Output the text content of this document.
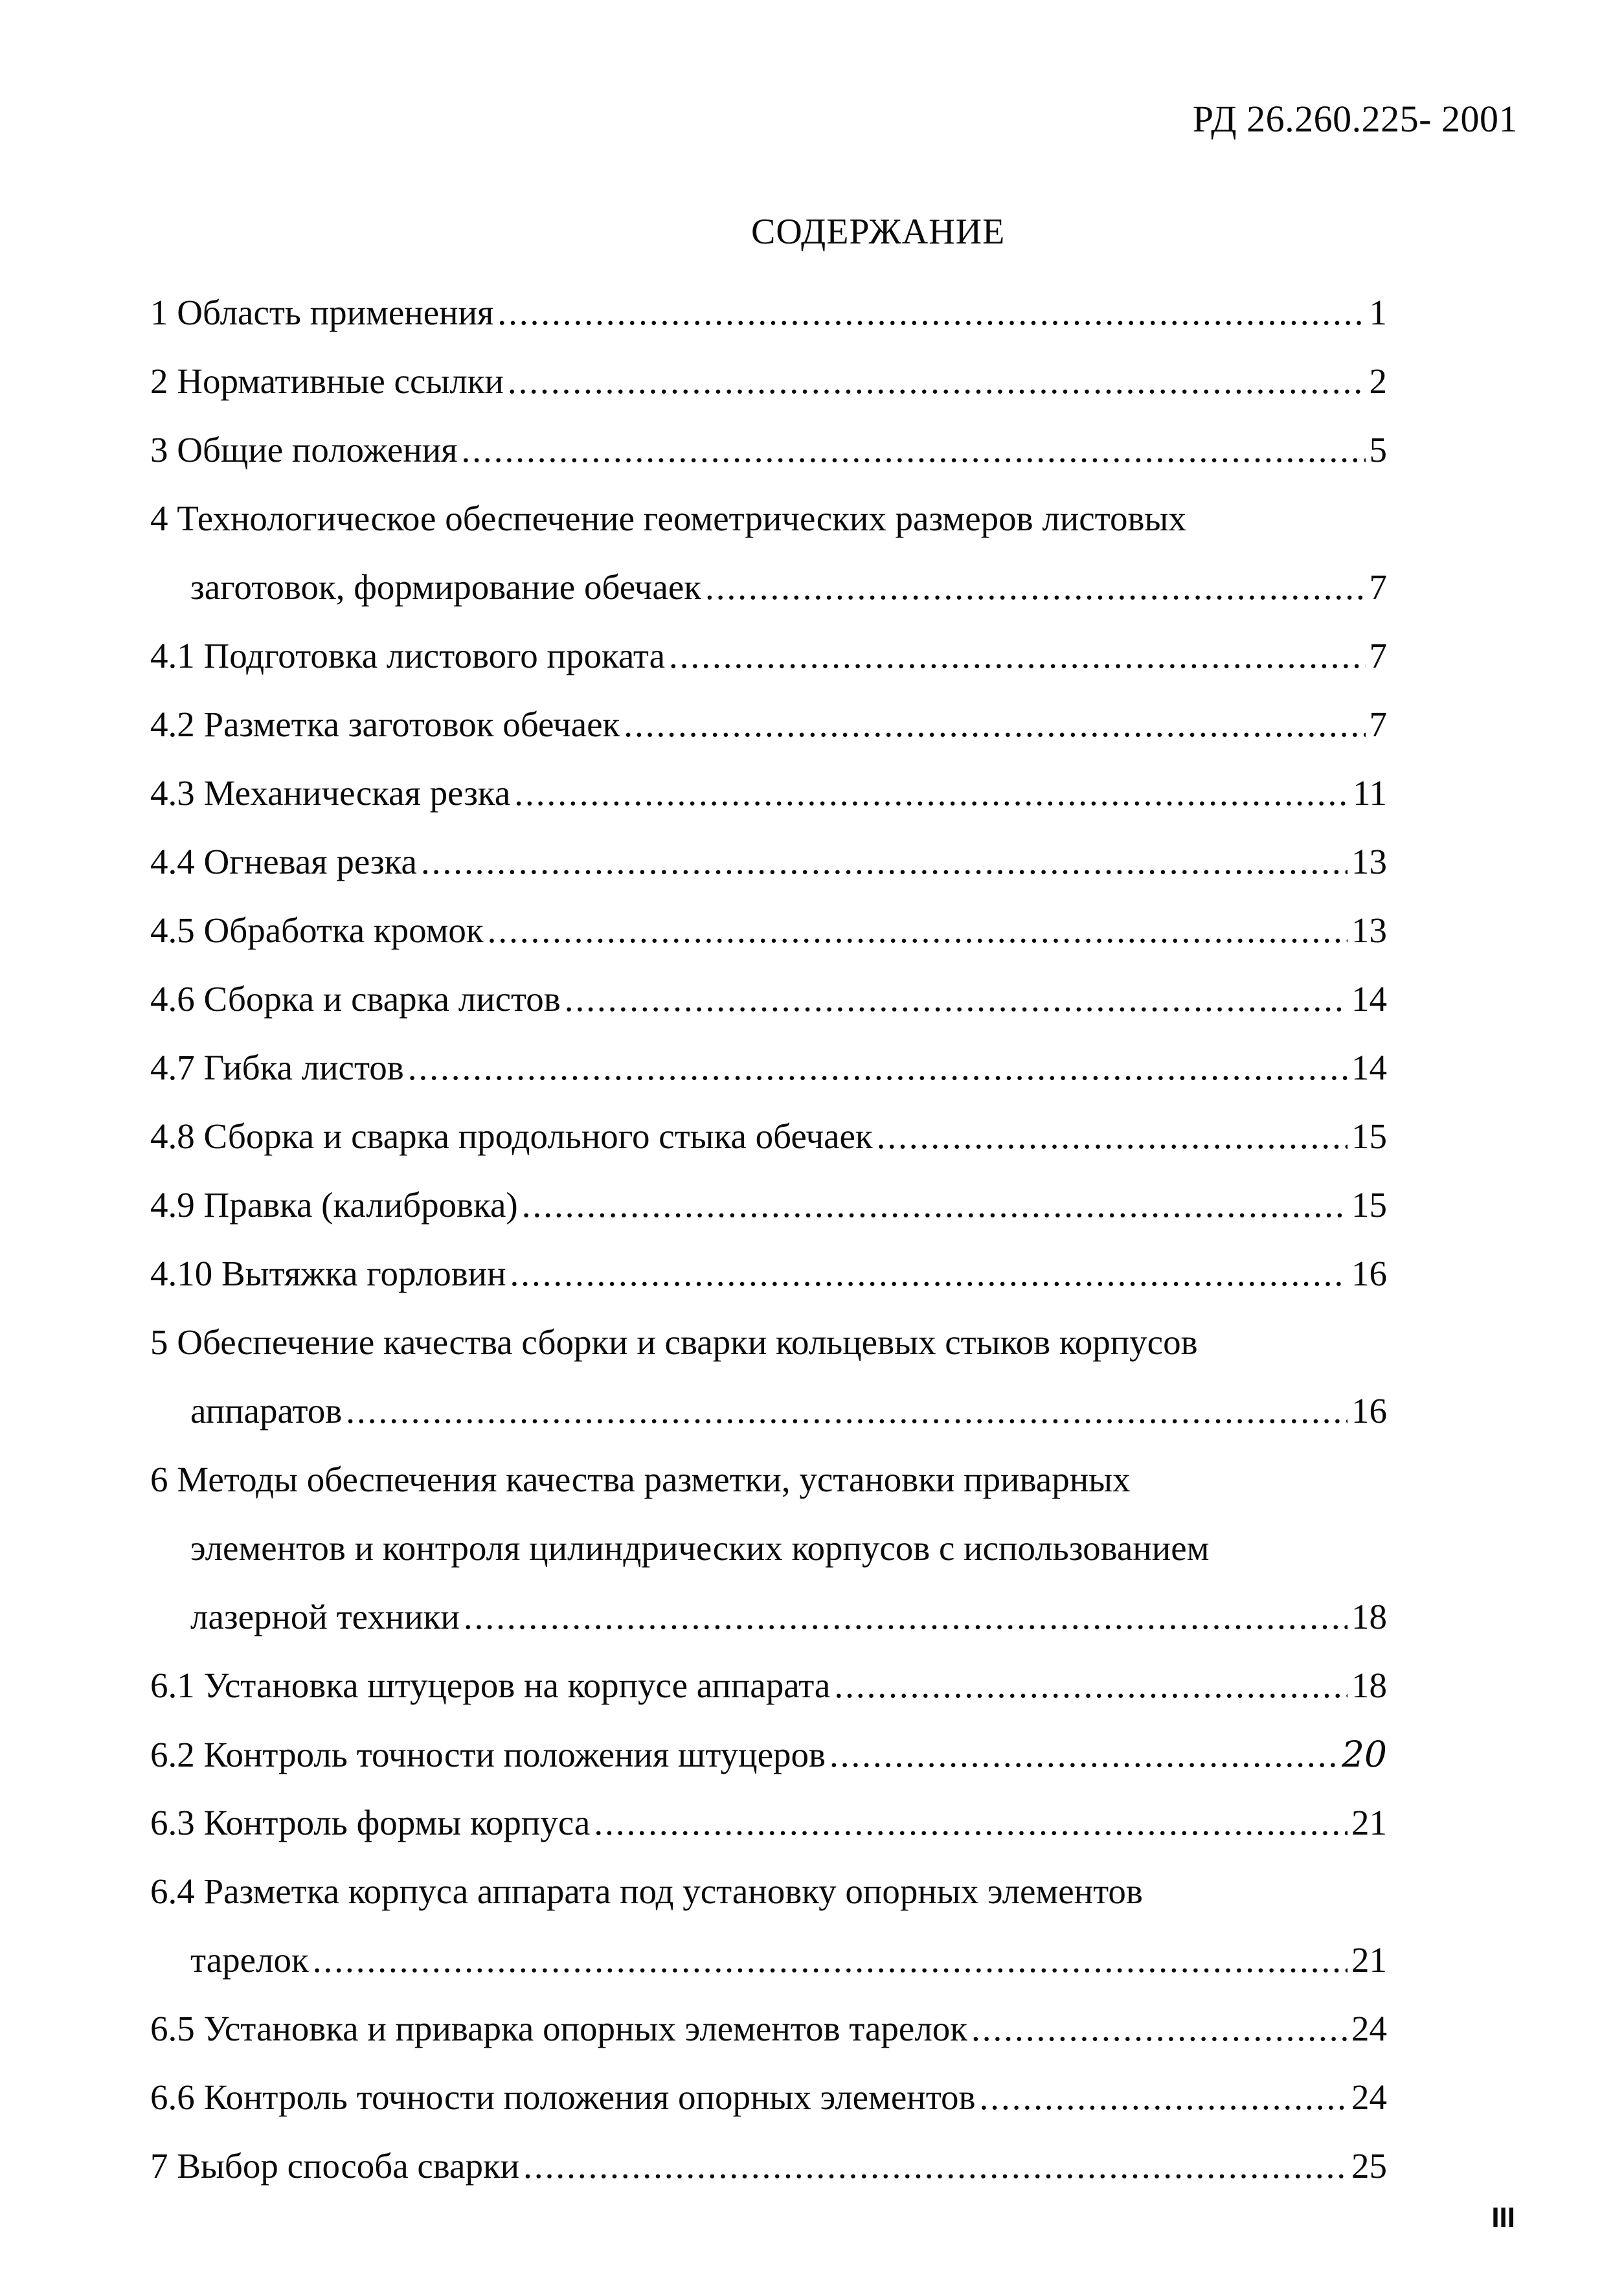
РД 26.260.225- 2001
СОДЕРЖАНИЕ
1 Область применения .....	1
2 Нормативные ссылки .....	2
3 Общие положения .....	5
4 Технологическое обеспечение геометрических размеров листовых
заготовок, формирование обечаек .....	7
4.1 Подготовка листового проката .....	7
4.2 Разметка заготовок обечаек .....	7
4.3 Механическая резка .....	11
4.4 Огневая резка .....	13
4.5 Обработка кромок .....	13
4.6 Сборка и сварка листов .....	14
4.7 Гибка листов .....	14
4.8 Сборка и сварка продольного стыка обечаек .....	15
4.9 Правка (калибровка) .....	15
4.10 Вытяжка горловин .....	16
5 Обеспечение качества сборки и сварки кольцевых стыков корпусов
аппаратов .....	16
6 Методы обеспечения качества разметки, установки приварных
элементов и контроля цилиндрических корпусов с использованием
лазерной техники .....	18
6.1 Установка штуцеров на корпусе аппарата .....	18
6.2 Контроль точности положения штуцеров .....	20
6.3 Контроль формы корпуса .....	21
6.4 Разметка корпуса аппарата под установку опорных элементов
тарелок .....	21
6.5 Установка и приварка опорных элементов тарелок .....	24
6.6 Контроль точности положения опорных элементов .....	24
7 Выбор способа сварки .....	25
III
